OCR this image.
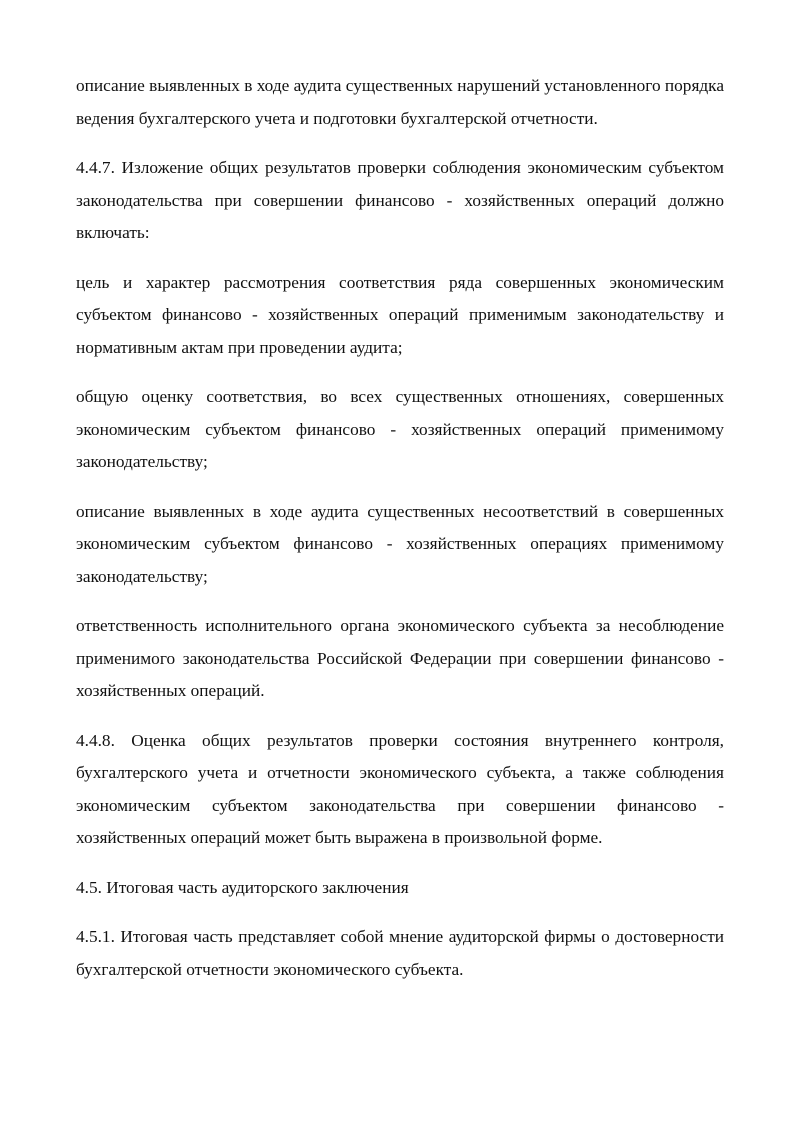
описание выявленных в ходе аудита существенных нарушений установленного порядка ведения бухгалтерского учета и подготовки бухгалтерской отчетности.

4.4.7. Изложение общих результатов проверки соблюдения экономическим субъектом законодательства при совершении финансово - хозяйственных операций должно включать:

цель и характер рассмотрения соответствия ряда совершенных экономическим субъектом финансово - хозяйственных операций применимым законодательству и нормативным актам при проведении аудита;

общую оценку соответствия, во всех существенных отношениях, совершенных экономическим субъектом финансово - хозяйственных операций применимому законодательству;

описание выявленных в ходе аудита существенных несоответствий в совершенных экономическим субъектом финансово - хозяйственных операциях применимому законодательству;

ответственность исполнительного органа экономического субъекта за несоблюдение применимого законодательства Российской Федерации при совершении финансово - хозяйственных операций.

4.4.8. Оценка общих результатов проверки состояния внутреннего контроля, бухгалтерского учета и отчетности экономического субъекта, а также соблюдения экономическим субъектом законодательства при совершении финансово - хозяйственных операций может быть выражена в произвольной форме.

4.5. Итоговая часть аудиторского заключения

4.5.1. Итоговая часть представляет собой мнение аудиторской фирмы о достоверности бухгалтерской отчетности экономического субъекта.
